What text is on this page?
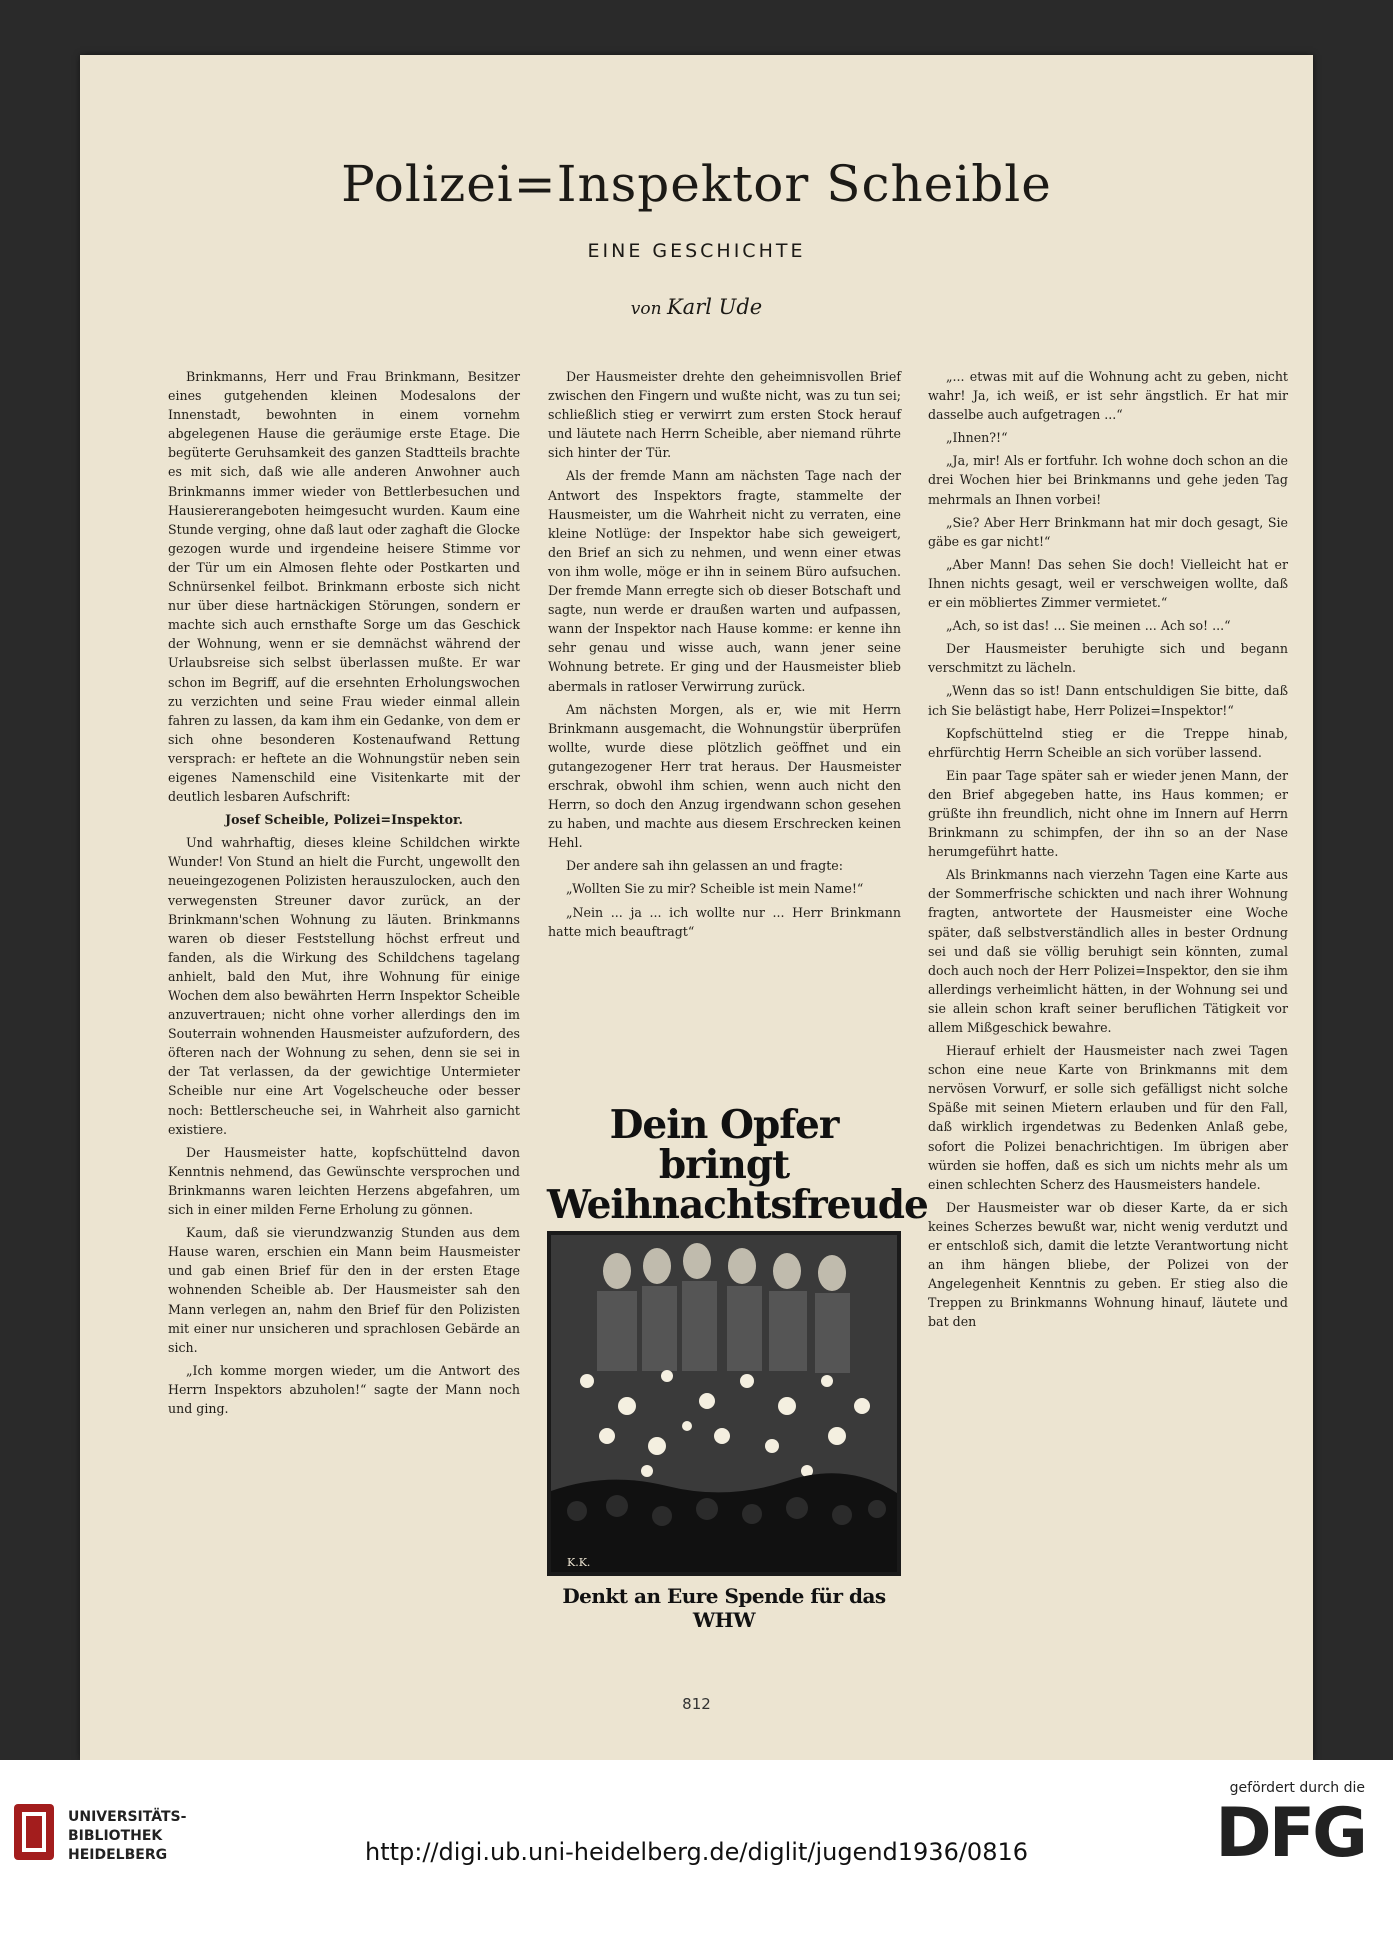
Polizei=Inspektor Scheible
EINE GESCHICHTE
von Karl Ude

Brinkmanns, Herr und Frau Brinkmann, Besitzer eines gutgehenden kleinen Modesalons der Innenstadt, bewohnten in einem vornehm abgelegenen Hause die geräumige erste Etage. Die begüterte Geruhsamkeit des ganzen Stadtteils brachte es mit sich, daß wie alle anderen Anwohner auch Brinkmanns immer wieder von Bettlerbesuchen und Hausiererangeboten heimgesucht wurden. Kaum eine Stunde verging, ohne daß laut oder zaghaft die Glocke gezogen wurde und irgendeine heisere Stimme vor der Tür um ein Almosen flehte oder Postkarten und Schnürsenkel feilbot. Brinkmann erboste sich nicht nur über diese hartnäckigen Störungen, sondern er machte sich auch ernsthafte Sorge um das Geschick der Wohnung, wenn er sie demnächst während der Urlaubsreise sich selbst überlassen mußte. Er war schon im Begriff, auf die ersehnten Erholungswochen zu verzichten und seine Frau wieder einmal allein fahren zu lassen, da kam ihm ein Gedanke, von dem er sich ohne besonderen Kostenaufwand Rettung versprach: er heftete an die Wohnungstür neben sein eigenes Namenschild eine Visitenkarte mit der deutlich lesbaren Aufschrift:

Josef Scheible, Polizei=Inspektor.

Und wahrhaftig, dieses kleine Schildchen wirkte Wunder! Von Stund an hielt die Furcht, ungewollt den neueingezogenen Polizisten herauszulocken, auch den verwegensten Streuner davor zurück, an der Brinkmann'schen Wohnung zu läuten. Brinkmanns waren ob dieser Feststellung höchst erfreut und fanden, als die Wirkung des Schildchens tagelang anhielt, bald den Mut, ihre Wohnung für einige Wochen dem also bewährten Herrn Inspektor Scheible anzuvertrauen; nicht ohne vorher allerdings den im Souterrain wohnenden Hausmeister aufzufordern, des öfteren nach der Wohnung zu sehen, denn sie sei in der Tat verlassen, da der gewichtige Untermieter Scheible nur eine Art Vogelscheuche oder besser noch: Bettlerscheuche sei, in Wahrheit also garnicht existiere.

Der Hausmeister hatte, kopfschüttelnd davon Kenntnis nehmend, das Gewünschte versprochen und Brinkmanns waren leichten Herzens abgefahren, um sich in einer milden Ferne Erholung zu gönnen.

Kaum, daß sie vierundzwanzig Stunden aus dem Hause waren, erschien ein Mann beim Hausmeister und gab einen Brief für den in der ersten Etage wohnenden Scheible ab. Der Hausmeister sah den Mann verlegen an, nahm den Brief für den Polizisten mit einer nur unsicheren und sprachlosen Gebärde an sich.

„Ich komme morgen wieder, um die Antwort des Herrn Inspektors abzuholen!“ sagte der Mann noch und ging.

Der Hausmeister drehte den geheimnisvollen Brief zwischen den Fingern und wußte nicht, was zu tun sei; schließlich stieg er verwirrt zum ersten Stock herauf und läutete nach Herrn Scheible, aber niemand rührte sich hinter der Tür.

Als der fremde Mann am nächsten Tage nach der Antwort des Inspektors fragte, stammelte der Hausmeister, um die Wahrheit nicht zu verraten, eine kleine Notlüge: der Inspektor habe sich geweigert, den Brief an sich zu nehmen, und wenn einer etwas von ihm wolle, möge er ihn in seinem Büro aufsuchen. Der fremde Mann erregte sich ob dieser Botschaft und sagte, nun werde er draußen warten und aufpassen, wann der Inspektor nach Hause komme: er kenne ihn sehr genau und wisse auch, wann jener seine Wohnung betrete. Er ging und der Hausmeister blieb abermals in ratloser Verwirrung zurück.

Am nächsten Morgen, als er, wie mit Herrn Brinkmann ausgemacht, die Wohnungstür überprüfen wollte, wurde diese plötzlich geöffnet und ein gutangezogener Herr trat heraus. Der Hausmeister erschrak, obwohl ihm schien, wenn auch nicht den Herrn, so doch den Anzug irgendwann schon gesehen zu haben, und machte aus diesem Erschrecken keinen Hehl.

Der andere sah ihn gelassen an und fragte:

„Wollten Sie zu mir? Scheible ist mein Name!“

„Nein ... ja ... ich wollte nur ... Herr Brinkmann hatte mich beauftragt“

Dein Opfer bringt
Weihnachtsfreude
K.K.
Denkt an Eure Spende für das WHW

„... etwas mit auf die Wohnung acht zu geben, nicht wahr! Ja, ich weiß, er ist sehr ängstlich. Er hat mir dasselbe auch aufgetragen ...“

„Ihnen?!“

„Ja, mir! Als er fortfuhr. Ich wohne doch schon an die drei Wochen hier bei Brinkmanns und gehe jeden Tag mehrmals an Ihnen vorbei!

„Sie? Aber Herr Brinkmann hat mir doch gesagt, Sie gäbe es gar nicht!“

„Aber Mann! Das sehen Sie doch! Vielleicht hat er Ihnen nichts gesagt, weil er verschweigen wollte, daß er ein möbliertes Zimmer vermietet.“

„Ach, so ist das! ... Sie meinen ... Ach so! ...“

Der Hausmeister beruhigte sich und begann verschmitzt zu lächeln.

„Wenn das so ist! Dann entschuldigen Sie bitte, daß ich Sie belästigt habe, Herr Polizei=Inspektor!“

Kopfschüttelnd stieg er die Treppe hinab, ehrfürchtig Herrn Scheible an sich vorüber lassend.

Ein paar Tage später sah er wieder jenen Mann, der den Brief abgegeben hatte, ins Haus kommen; er grüßte ihn freundlich, nicht ohne im Innern auf Herrn Brinkmann zu schimpfen, der ihn so an der Nase herumgeführt hatte.

Als Brinkmanns nach vierzehn Tagen eine Karte aus der Sommerfrische schickten und nach ihrer Wohnung fragten, antwortete der Hausmeister eine Woche später, daß selbstverständlich alles in bester Ordnung sei und daß sie völlig beruhigt sein könnten, zumal doch auch noch der Herr Polizei=Inspektor, den sie ihm allerdings verheimlicht hätten, in der Wohnung sei und sie allein schon kraft seiner beruflichen Tätigkeit vor allem Mißgeschick bewahre.

Hierauf erhielt der Hausmeister nach zwei Tagen schon eine neue Karte von Brinkmanns mit dem nervösen Vorwurf, er solle sich gefälligst nicht solche Späße mit seinen Mietern erlauben und für den Fall, daß wirklich irgendetwas zu Bedenken Anlaß gebe, sofort die Polizei benachrichtigen. Im übrigen aber würden sie hoffen, daß es sich um nichts mehr als um einen schlechten Scherz des Hausmeisters handele.

Der Hausmeister war ob dieser Karte, da er sich keines Scherzes bewußt war, nicht wenig verdutzt und er entschloß sich, damit die letzte Verantwortung nicht an ihm hängen bliebe, der Polizei von der Angelegenheit Kenntnis zu geben. Er stieg also die Treppen zu Brinkmanns Wohnung hinauf, läutete und bat den

812
UNIVERSITÄTS-
BIBLIOTHEK
HEIDELBERG	http://digi.ub.uni-heidelberg.de/diglit/jugend1936/0816
gefördert durch die
DFG
